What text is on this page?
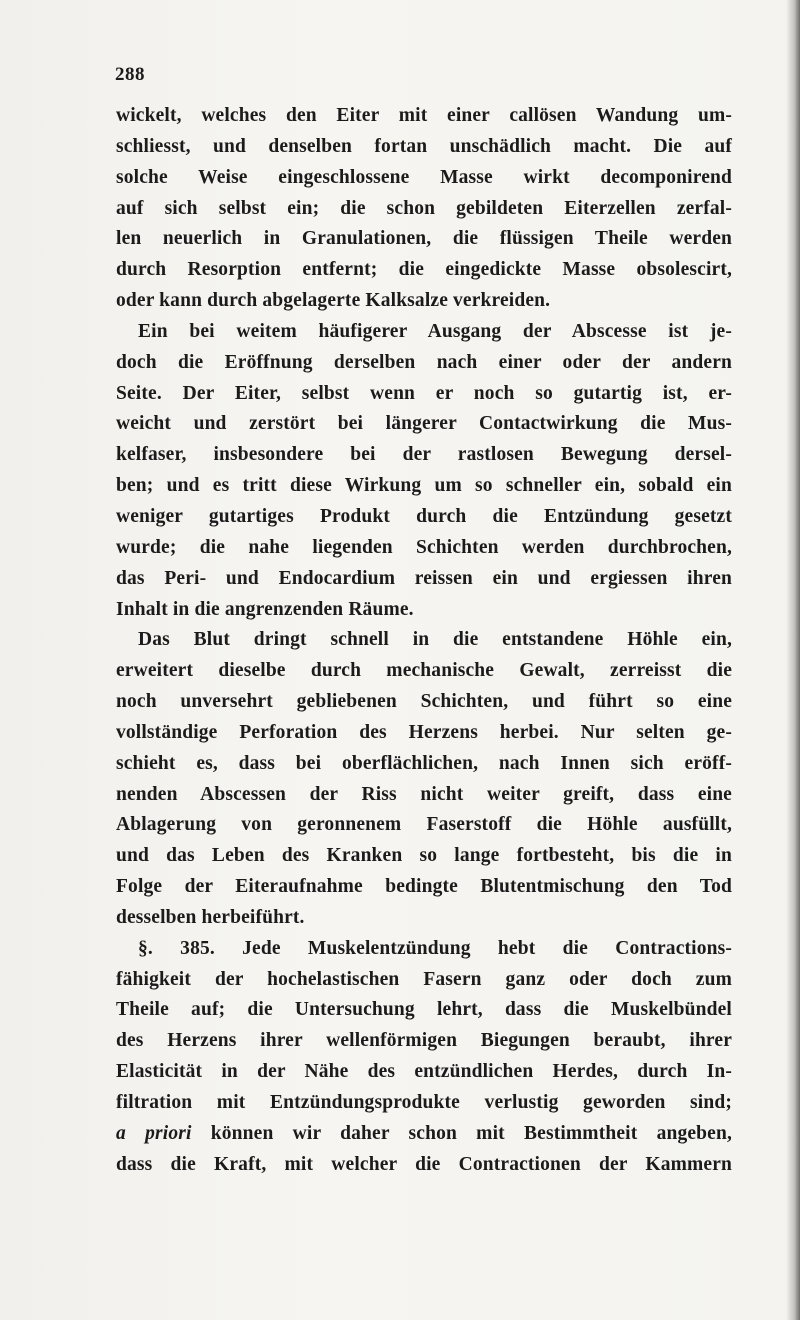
288
wickelt, welches den Eiter mit einer callösen Wandung um-
schliesst, und denselben fortan unschädlich macht. Die auf
solche Weise eingeschlossene Masse wirkt decomponirend
auf sich selbst ein; die schon gebildeten Eiterzellen zerfal-
len neuerlich in Granulationen, die flüssigen Theile werden
durch Resorption entfernt; die eingedickte Masse obsolescirt,
oder kann durch abgelagerte Kalksalze verkreiden.
Ein bei weitem häufigerer Ausgang der Abscesse ist je-
doch die Eröffnung derselben nach einer oder der andern
Seite. Der Eiter, selbst wenn er noch so gutartig ist, er-
weicht und zerstört bei längerer Contactwirkung die Mus-
kelfaser, insbesondere bei der rastlosen Bewegung dersel-
ben; und es tritt diese Wirkung um so schneller ein, sobald ein
weniger gutartiges Produkt durch die Entzündung gesetzt
wurde; die nahe liegenden Schichten werden durchbrochen,
das Peri- und Endocardium reissen ein und ergiessen ihren
Inhalt in die angrenzenden Räume.
Das Blut dringt schnell in die entstandene Höhle ein,
erweitert dieselbe durch mechanische Gewalt, zerreisst die
noch unversehrt gebliebenen Schichten, und führt so eine
vollständige Perforation des Herzens herbei. Nur selten ge-
schieht es, dass bei oberflächlichen, nach Innen sich eröff-
nenden Abscessen der Riss nicht weiter greift, dass eine
Ablagerung von geronnenem Faserstoff die Höhle ausfüllt,
und das Leben des Kranken so lange fortbesteht, bis die in
Folge der Eiteraufnahme bedingte Blutentmischung den Tod
desselben herbeiführt.
§. 385. Jede Muskelentzündung hebt die Contractions-
fähigkeit der hochelastischen Fasern ganz oder doch zum
Theile auf; die Untersuchung lehrt, dass die Muskelbündel
des Herzens ihrer wellenförmigen Biegungen beraubt, ihrer
Elasticität in der Nähe des entzündlichen Herdes, durch In-
filtration mit Entzündungsprodukte verlustig geworden sind;
a priori können wir daher schon mit Bestimmtheit angeben,
dass die Kraft, mit welcher die Contractionen der Kammern
